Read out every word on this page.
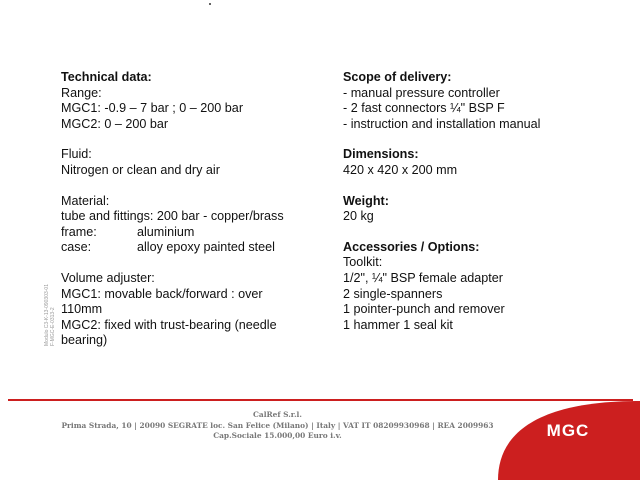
Technical data:
Range:
MGC1: -0.9 – 7 bar ; 0 – 200 bar
MGC2: 0 – 200 bar
Fluid:
Nitrogen or clean and dry air
Material:
tube and fittings: 200 bar - copper/brass
frame:	aluminium
case:	alloy epoxy painted steel
Volume adjuster:
MGC1: movable back/forward : over
110mm
MGC2: fixed with trust-bearing (needle
bearing)
Scope of delivery:
- manual pressure controller
- 2 fast connectors ¼" BSP F
- instruction and installation manual
Dimensions:
420 x 420 x 200 mm
Weight:
20 kg
Accessories / Options:
Toolkit:
1/2", ¼" BSP female adapter
2 single-spanners
1 pointer-punch and remover
1 hammer 1 seal kit
Modulo C3-K-13-090303-01 F-MGC-E-0313-2
CalRef S.r.l.
Prima Strada, 10 | 20090 SEGRATE loc. San Felice (Milano) | Italy | VAT IT 08209930968 | REA 2009963
Cap.Sociale 15.000,00 Euro i.v.	MGC
